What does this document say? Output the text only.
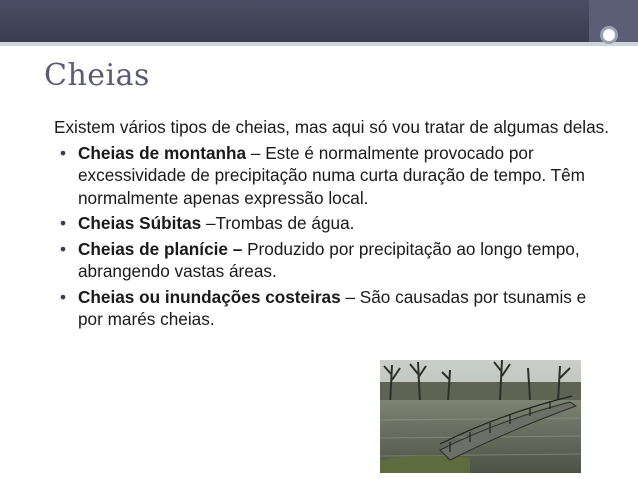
Cheias

Existem vários tipos de cheias, mas aqui só vou tratar de algumas delas.

• Cheias de montanha – Este é normalmente provocado por excessividade de precipitação numa curta duração de tempo. Têm normalmente apenas expressão local.
• Cheias Súbitas –Trombas de água.
• Cheias de planície – Produzido por precipitação ao longo tempo, abrangendo vastas áreas.
• Cheias ou inundações costeiras – São causadas por tsunamis e por marés cheias.
